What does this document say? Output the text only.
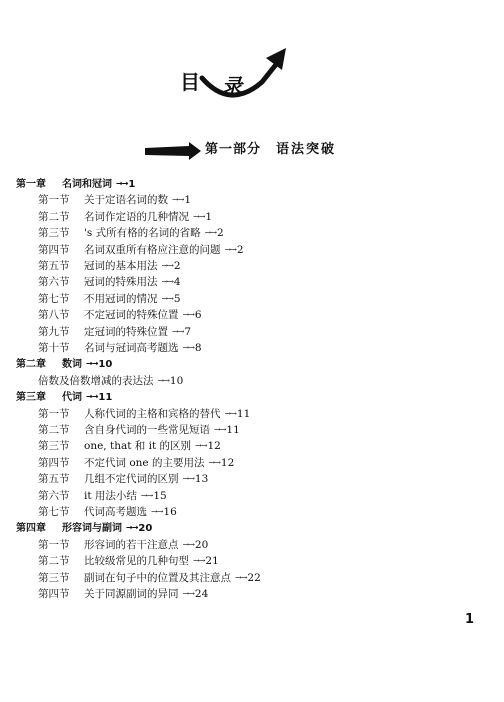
目 录
第一部分 语法突破
第一章 名词和冠词 →→1
第一节 关于定语名词的数 →→1
第二节 名词作定语的几种情况 →→1
第三节 's 式所有格的名词的省略 →→2
第四节 名词双重所有格应注意的问题 →→2
第五节 冠词的基本用法 →→2
第六节 冠词的特殊用法 →→4
第七节 不用冠词的情况 →→5
第八节 不定冠词的特殊位置 →→6
第九节 定冠词的特殊位置 →→7
第十节 名词与冠词高考题选 →→8
第二章 数词 →→10
倍数及倍数增减的表达法 →→10
第三章 代词 →→11
第一节 人称代词的主格和宾格的替代 →→11
第二节 含自身代词的一些常见短语 →→11
第三节 one, that 和 it 的区别 →→12
第四节 不定代词 one 的主要用法 →→12
第五节 几组不定代词的区别 →→13
第六节 it 用法小结 →→15
第七节 代词高考题选 →→16
第四章 形容词与副词 →→20
第一节 形容词的若干注意点 →→20
第二节 比较级常见的几种句型 →→21
第三节 副词在句子中的位置及其注意点 →→22
第四节 关于同源副词的异同 →→24
1
